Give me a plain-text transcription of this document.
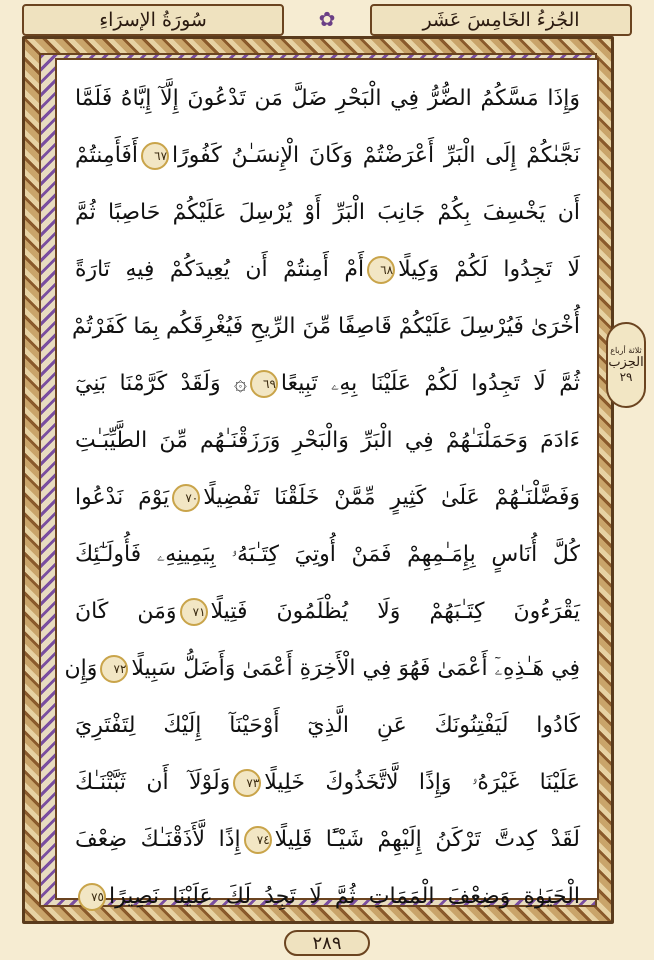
سُورَةُ الإسرَاءِ	✿	الجُزءُ الخَامِسَ عَشَر
وَإِذَا مَسَّكُمُ الضُّرُّ فِي الْبَحْرِ ضَلَّ مَن تَدْعُونَ إِلَّآ إِيَّاهُ فَلَمَّا
نَجَّىٰكُمْ إِلَى الْبَرِّ أَعْرَضْتُمْ وَكَانَ الْإِنسَـٰنُ كَفُورًا٦٧أَفَأَمِنتُمْ
أَن يَخْسِفَ بِكُمْ جَانِبَ الْبَرِّ أَوْ يُرْسِلَ عَلَيْكُمْ حَاصِبًا ثُمَّ
لَا تَجِدُوا لَكُمْ وَكِيلًا٦٨أَمْ أَمِنتُمْ أَن يُعِيدَكُمْ فِيهِ تَارَةً
أُخْرَىٰ فَيُرْسِلَ عَلَيْكُمْ قَاصِفًا مِّنَ الرِّيحِ فَيُغْرِقَكُم بِمَا كَفَرْتُمْ
ثُمَّ لَا تَجِدُوا لَكُمْ عَلَيْنَا بِهِۦ تَبِيعًا٦٩۞ وَلَقَدْ كَرَّمْنَا بَنِيٓ
ءَادَمَ وَحَمَلْنَـٰهُمْ فِي الْبَرِّ وَالْبَحْرِ وَرَزَقْنَـٰهُم مِّنَ الطَّيِّبَـٰتِ
وَفَضَّلْنَـٰهُمْ عَلَىٰ كَثِيرٍ مِّمَّنْ خَلَقْنَا تَفْضِيلًا٧٠يَوْمَ نَدْعُوا
كُلَّ أُنَاسٍ بِإِمَـٰمِهِمْ فَمَنْ أُوتِيَ كِتَـٰبَهُۥ بِيَمِينِهِۦ فَأُولَـٰٓئِكَ
يَقْرَءُونَ كِتَـٰبَهُمْ وَلَا يُظْلَمُونَ فَتِيلًا٧١وَمَن كَانَ
فِي هَـٰذِهِۦٓ أَعْمَىٰ فَهُوَ فِي الْأَخِرَةِ أَعْمَىٰ وَأَضَلُّ سَبِيلًا٧٢وَإِن
كَادُوا لَيَفْتِنُونَكَ عَنِ الَّذِيٓ أَوْحَيْنَآ إِلَيْكَ لِتَفْتَرِيَ
عَلَيْنَا غَيْرَهُۥ وَإِذًا لَّاتَّخَذُوكَ خَلِيلًا٧٣وَلَوْلَآ أَن ثَبَّتْنَـٰكَ
لَقَدْ كِدتَّ تَرْكَنُ إِلَيْهِمْ شَيْـًٔا قَلِيلًا٧٤إِذًا لَّأَذَقْنَـٰكَ ضِعْفَ
الْحَيَوٰةِ وَضِعْفَ الْمَمَاتِ ثُمَّ لَا تَجِدُ لَكَ عَلَيْنَا نَصِيرًا٧٥
ثلاثة أرباع
الحِزب
٢٩
٢٨٩
